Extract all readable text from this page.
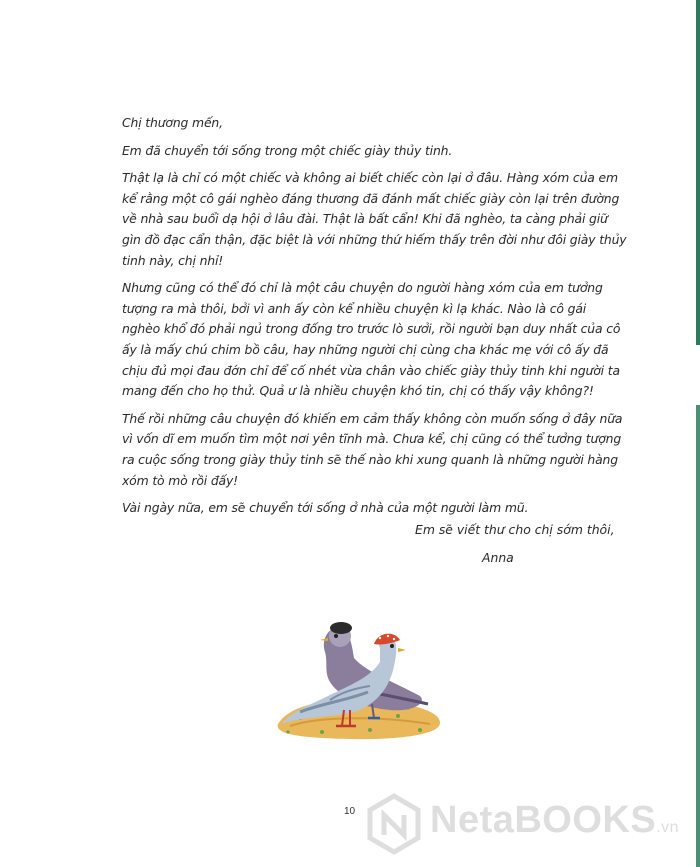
Chị thương mến,

Em đã chuyển tới sống trong một chiếc giày thủy tinh.

Thật lạ là chỉ có một chiếc và không ai biết chiếc còn lại ở đâu. Hàng xóm của em kể rằng một cô gái nghèo đáng thương đã đánh mất chiếc giày còn lại trên đường về nhà sau buổi dạ hội ở lâu đài. Thật là bất cẩn! Khi đã nghèo, ta càng phải giữ gìn đồ đạc cẩn thận, đặc biệt là với những thứ hiếm thấy trên đời như đôi giày thủy tinh này, chị nhỉ!

Nhưng cũng có thể đó chỉ là một câu chuyện do người hàng xóm của em tưởng tượng ra mà thôi, bởi vì anh ấy còn kể nhiều chuyện kì lạ khác. Nào là cô gái nghèo khổ đó phải ngủ trong đống tro trước lò sưởi, rồi người bạn duy nhất của cô ấy là mấy chú chim bồ câu, hay những người chị cùng cha khác mẹ với cô ấy đã chịu đủ mọi đau đớn chỉ để cố nhét vừa chân vào chiếc giày thủy tinh khi người ta mang đến cho họ thử. Quả ư là nhiều chuyện khó tin, chị có thấy vậy không?!

Thế rồi những câu chuyện đó khiến em cảm thấy không còn muốn sống ở đây nữa vì vốn dĩ em muốn tìm một nơi yên tĩnh mà. Chưa kể, chị cũng có thể tưởng tượng ra cuộc sống trong giày thủy tinh sẽ thế nào khi xung quanh là những người hàng xóm tò mò rồi đấy!

Vài ngày nữa, em sẽ chuyển tới sống ở nhà của một người làm mũ.

Em sẽ viết thư cho chị sớm thôi,
Anna
10 NetaBOOKS.vn
